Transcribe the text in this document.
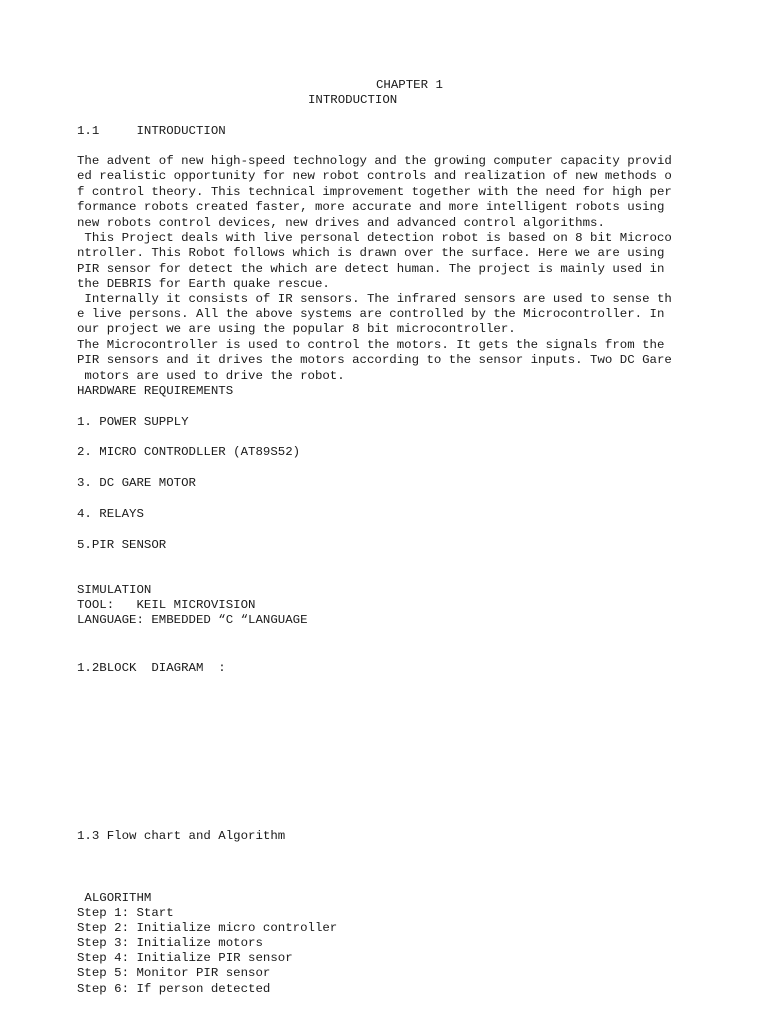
CHAPTER 1
INTRODUCTION
1.1     INTRODUCTION
The advent of new high-speed technology and the growing computer capacity provid
ed realistic opportunity for new robot controls and realization of new methods o
f control theory. This technical improvement together with the need for high per
formance robots created faster, more accurate and more intelligent robots using
new robots control devices, new drives and advanced control algorithms.
This Project deals with live personal detection robot is based on 8 bit Microco
ntroller. This Robot follows which is drawn over the surface. Here we are using
PIR sensor for detect the which are detect human. The project is mainly used in
the DEBRIS for Earth quake rescue.
Internally it consists of IR sensors. The infrared sensors are used to sense th
e live persons. All the above systems are controlled by the Microcontroller. In
our project we are using the popular 8 bit microcontroller.
The Microcontroller is used to control the motors. It gets the signals from the
PIR sensors and it drives the motors according to the sensor inputs. Two DC Gare
motors are used to drive the robot.
HARDWARE REQUIREMENTS
1. POWER SUPPLY
2. MICRO CONTRODLLER (AT89S52)
3. DC GARE MOTOR
4. RELAYS
5.PIR SENSOR
SIMULATION
TOOL:   KEIL MICROVISION
LANGUAGE: EMBEDDED “C “LANGUAGE
1.2BLOCK  DIAGRAM  :
1.3 Flow chart and Algorithm
ALGORITHM
Step 1: Start
Step 2: Initialize micro controller
Step 3: Initialize motors
Step 4: Initialize PIR sensor
Step 5: Monitor PIR sensor
Step 6: If person detected
